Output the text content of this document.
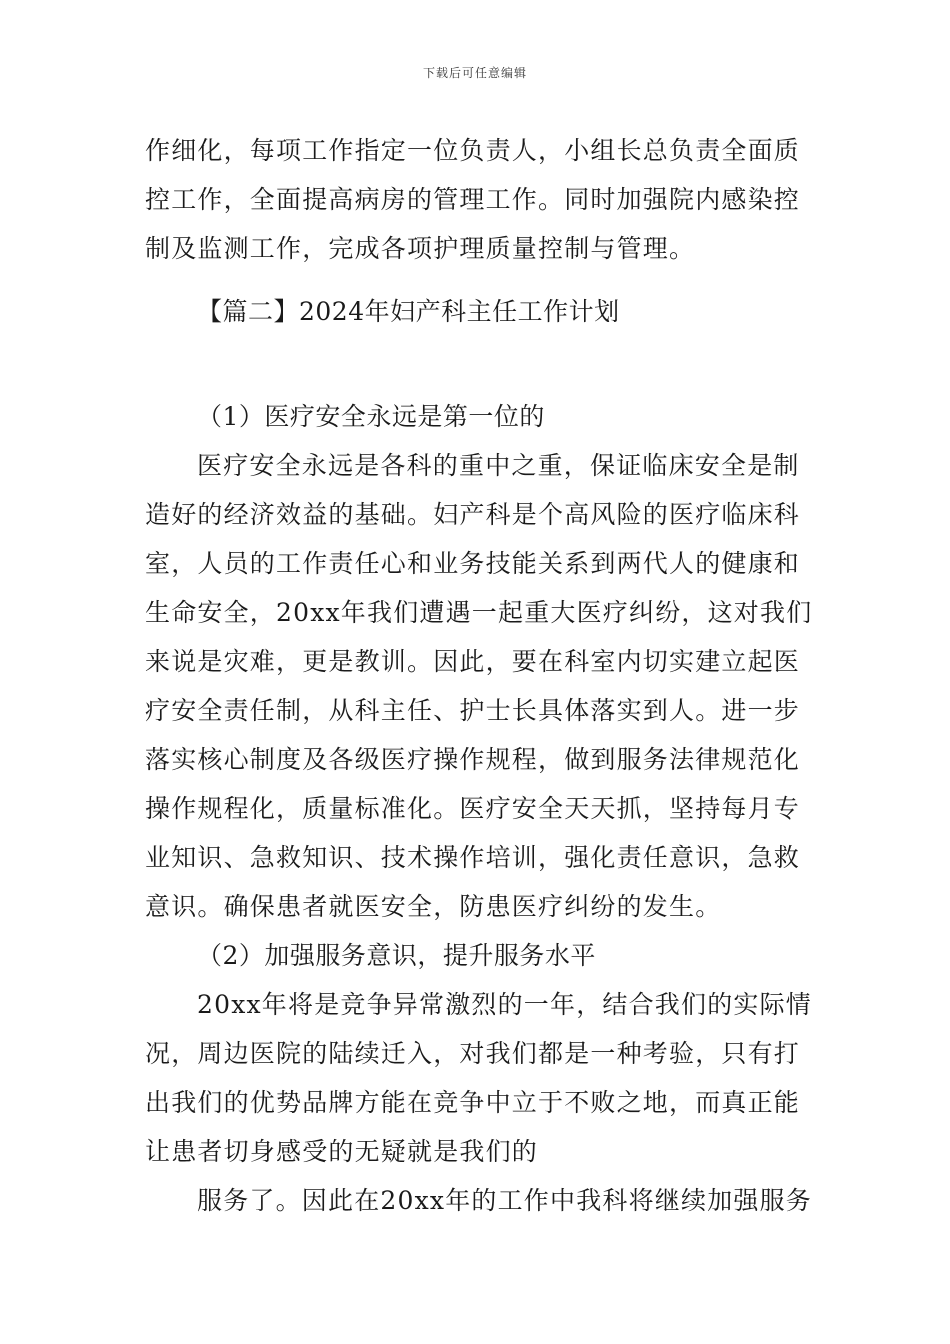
下载后可任意编辑
作细化，每项工作指定一位负责人，小组长总负责全面质
控工作，全面提高病房的管理工作。同时加强院内感染控
制及监测工作，完成各项护理质量控制与管理。
【篇二】2024年妇产科主任工作计划
（1）医疗安全永远是第一位的
医疗安全永远是各科的重中之重，保证临床安全是制
造好的经济效益的基础。妇产科是个高风险的医疗临床科
室，人员的工作责任心和业务技能关系到两代人的健康和
生命安全，20xx年我们遭遇一起重大医疗纠纷，这对我们
来说是灾难，更是教训。因此，要在科室内切实建立起医
疗安全责任制，从科主任、护士长具体落实到人。进一步
落实核心制度及各级医疗操作规程，做到服务法律规范化
操作规程化，质量标准化。医疗安全天天抓，坚持每月专
业知识、急救知识、技术操作培训，强化责任意识，急救
意识。确保患者就医安全，防患医疗纠纷的发生。
（2）加强服务意识，提升服务水平
20xx年将是竞争异常激烈的一年，结合我们的实际情
况，周边医院的陆续迁入，对我们都是一种考验，只有打
出我们的优势品牌方能在竞争中立于不败之地，而真正能
让患者切身感受的无疑就是我们的
服务了。因此在20xx年的工作中我科将继续加强服务
